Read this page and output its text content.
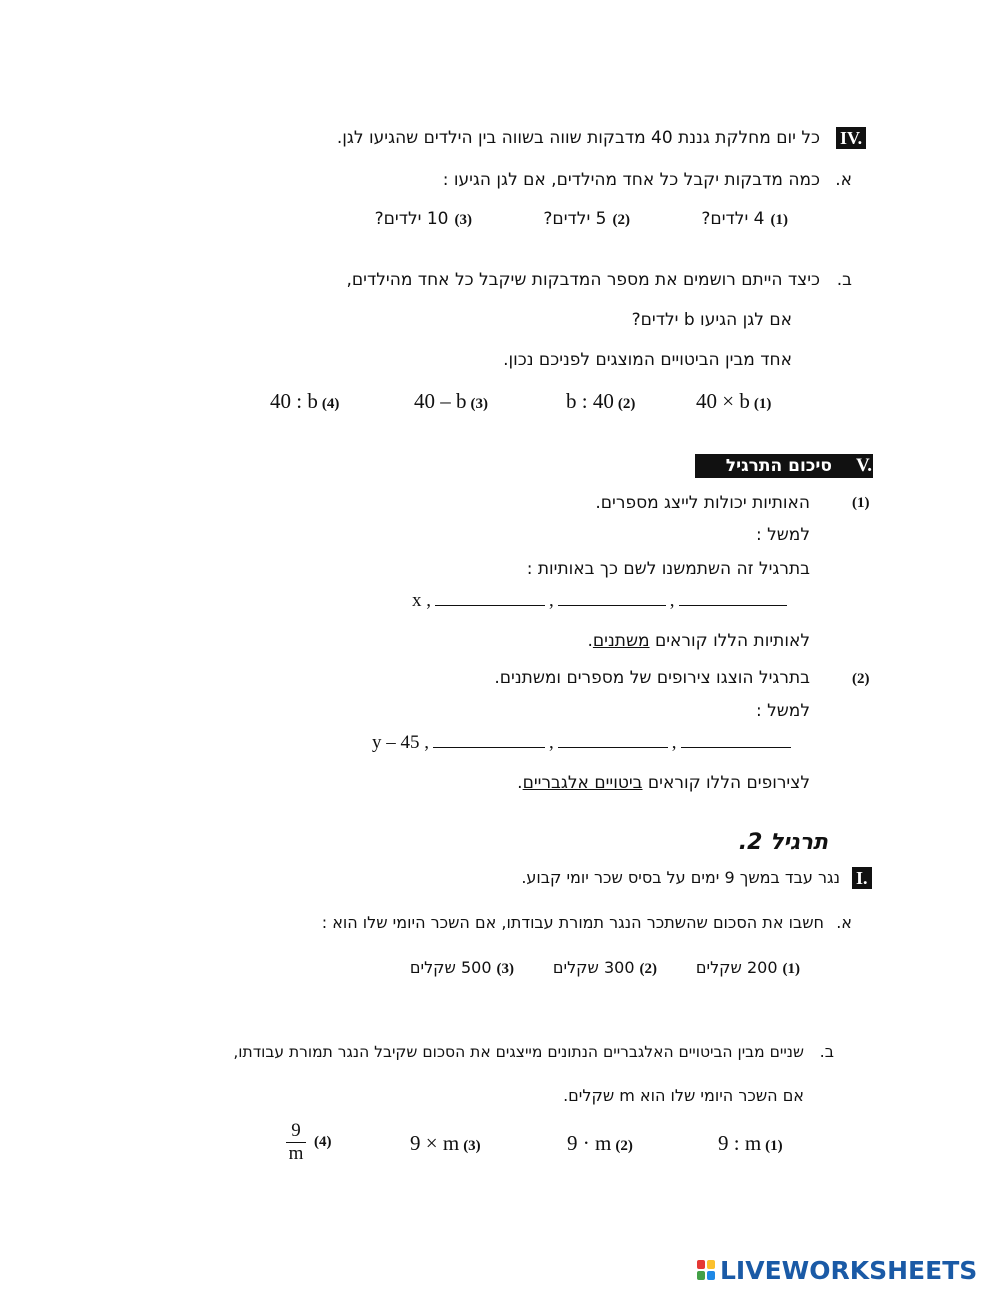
IV.
כל יום מחלקת גננת 40 מדבקות שווה בשווה בין הילדים שהגיעו לגן.
א.
כמה מדבקות יקבל כל אחד מהילדים, אם לגן הגיעו :
(1)
4 ילדים?
(2)
5 ילדים?
(3)
10 ילדים?
ב.
כיצד הייתם רושמים את מספר המדבקות שיקבל כל אחד מהילדים,
אם לגן הגיעו b ילדים?
אחד מבין הביטויים המוצגים לפניכם נכון.
40 × b (1)
b : 40 (2)
40 – b (3)
40 : b (4)
V.
סיכום התרגיל
(1)
האותיות יכולות לייצג מספרים.
למשל :
בתרגיל זה השתמשנו לשם כך באותיות :
x ,	,	,
לאותיות הללו קוראים משתנים.
(2)
בתרגיל הוצגו צירופים של מספרים ומשתנים.
למשל :
y – 45 ,	,	,
לצירופים הללו קוראים ביטויים אלגבריים.
תרגיל 2.
I.
נגר עבד במשך 9 ימים על בסיס שכר יומי קבוע.
א.
חשבו את הסכום שהשתכר הנגר תמורת עבודתו, אם השכר היומי שלו הוא :
(1)
200 שקלים
(2)
300 שקלים
(3)
500 שקלים
ב.
שניים מבין הביטויים האלגבריים הנתונים מייצגים את הסכום שקיבל הנגר תמורת עבודתו,
אם השכר היומי שלו הוא m שקלים.
9 : m (1)
9 · m (2)
9 × m (3)
$\frac{9}{m} (4)$
LIVEWORKSHEETS
